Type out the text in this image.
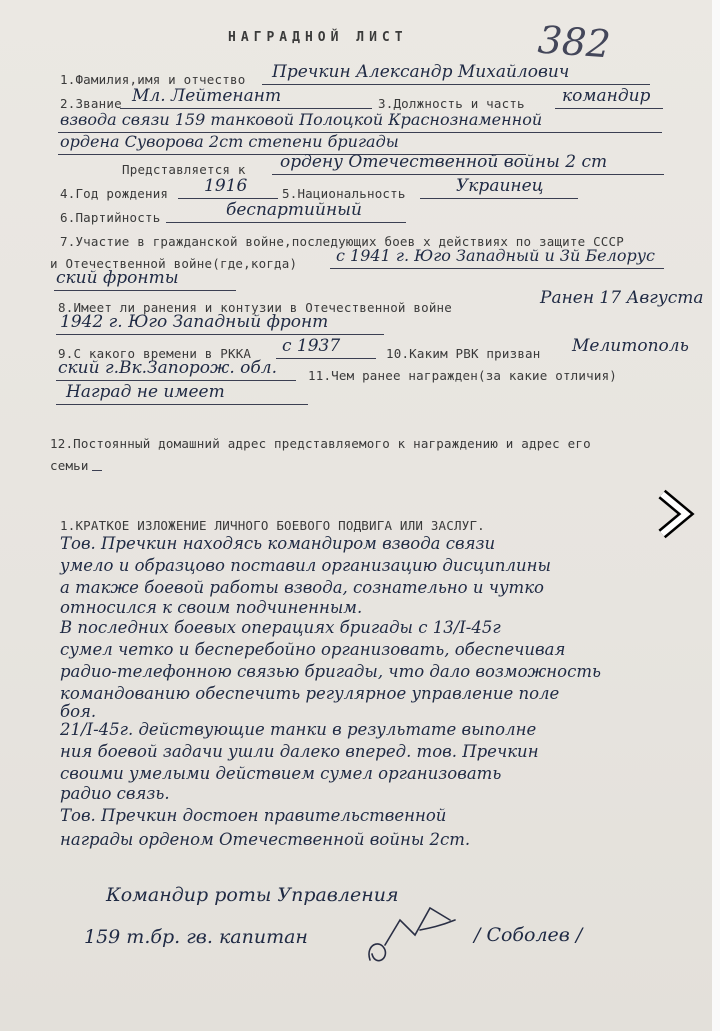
НАГРАДНОЙ ЛИСТ	382
1.Фамилия,имя и отчество Пречкин Александр Михайлович
2.Звание Мл. Лейтенант	3.Должность и часть командир
взвода связи 159 танковой Полоцкой Краснознаменной
ордена Суворова 2ст степени бригады
Представляется к ордену Отечественной войны 2 ст
4.Год рождения 1916	5.Национальность	Украинец
6.Партийность	беспартийный
7.Участие в гражданской войне,последующих боев х действиях по защите СССР
и Отечественной войне(где,когда) с 1941 г. Юго Западный и 3й Белорус
ский фронты
8.Имеет ли ранения и контузии в Отечественной войне	Ранен 17 Августа
1942 г. Юго Западный фронт
9.С какого времени в РККА с 1937	10.Каким РВК призван Мелитополь
ский г.Вк.Запорож. обл. 11.Чем ранее награжден(за какие отличия)
Наград не имеет
12.Постоянный домашний адрес представляемого к награждению и адрес его
семьи
1.КРАТКОЕ ИЗЛОЖЕНИЕ ЛИЧНОГО БОЕВОГО ПОДВИГА ИЛИ ЗАСЛУГ.
Тов. Пречкин находясь командиром взвода связи
умело и образцово поставил организацию дисциплины
а также боевой работы взвода, сознательно и чутко
относился к своим подчиненным.
В последних боевых операциях бригады с 13/I-45г
сумел четко и бесперебойно организовать, обеспечивая
радио-телефонною связью бригады, что дало возможность
командованию обеспечить регулярное управление поле
боя.
21/I-45г. действующие танки в результате выполне
ния боевой задачи ушли далеко вперед. тов. Пречкин
своими умелыми действием сумел организовать
радио связь.
Тов. Пречкин достоен правительственной
награды орденом Отечественной войны 2ст.
Командир роты Управления
159 т.бр. гв. капитан	/ Соболев /
